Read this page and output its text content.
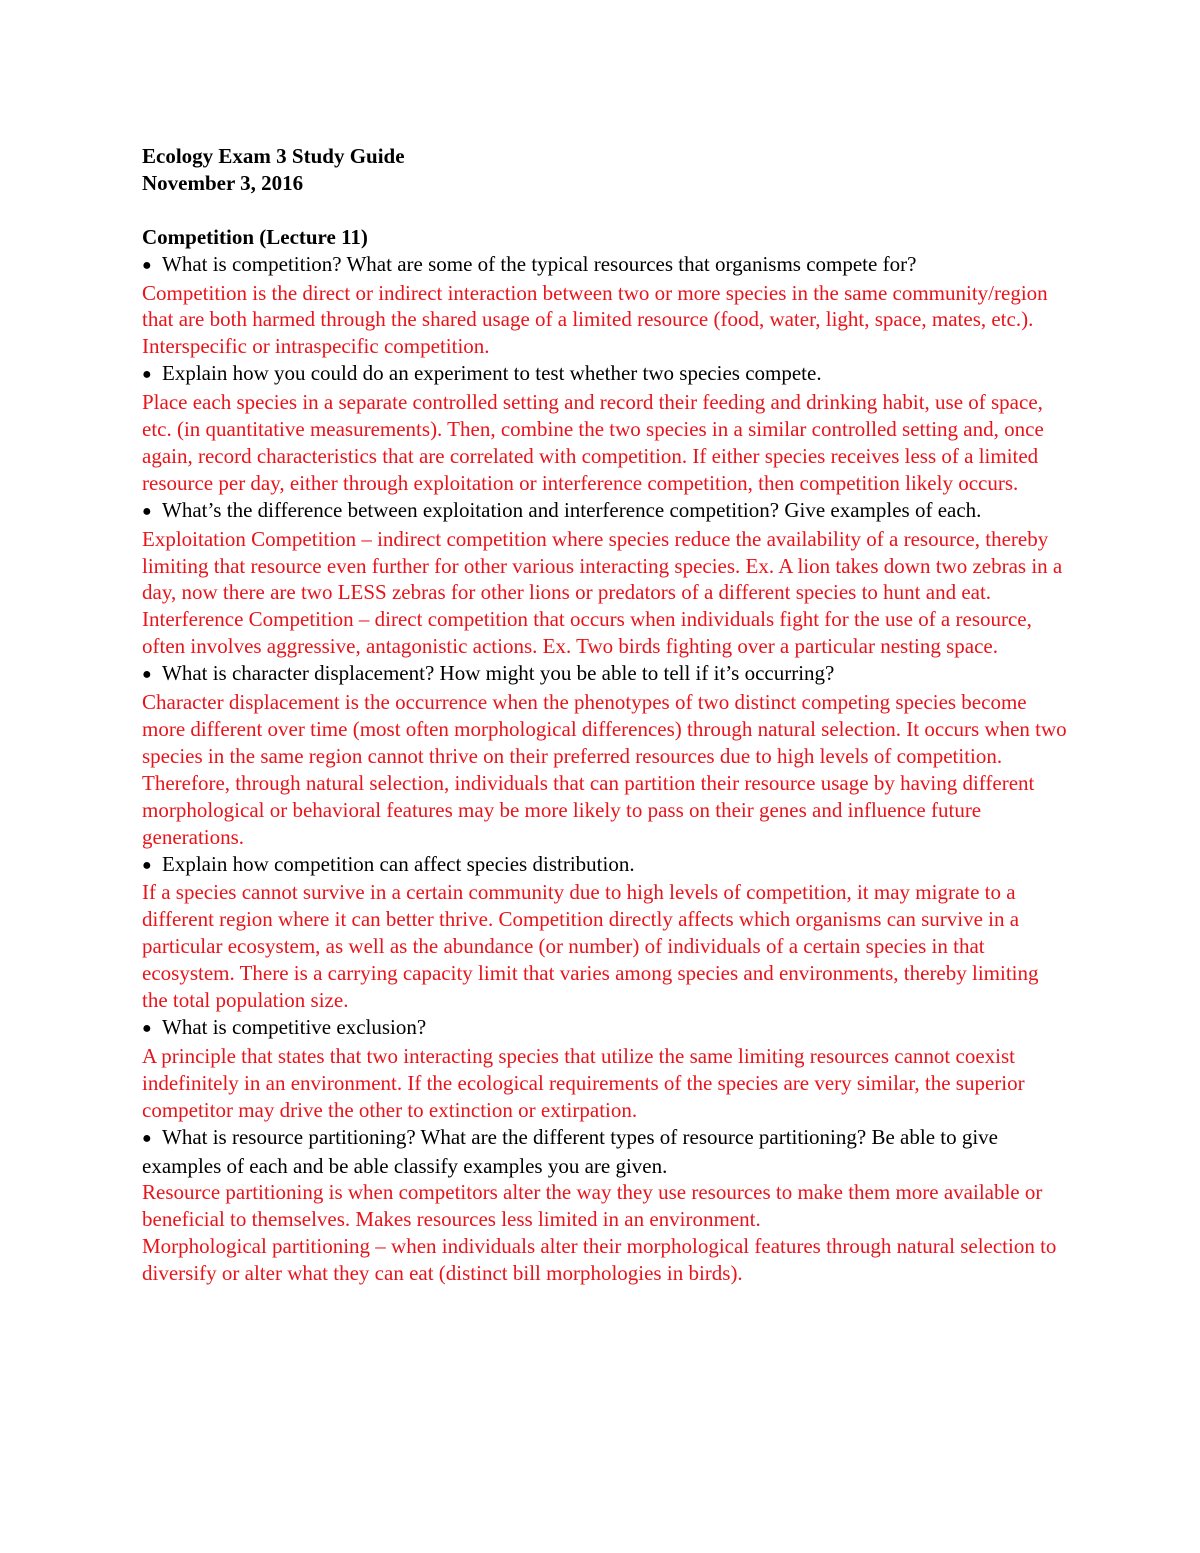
Ecology Exam 3 Study Guide

November 3, 2016

Competition (Lecture 11)

● What is competition? What are some of the typical resources that organisms compete for?

Competition is the direct or indirect interaction between two or more species in the same community/region that are both harmed through the shared usage of a limited resource (food, water, light, space, mates, etc.). Interspecific or intraspecific competition.

● Explain how you could do an experiment to test whether two species compete.

Place each species in a separate controlled setting and record their feeding and drinking habit, use of space, etc. (in quantitative measurements). Then, combine the two species in a similar controlled setting and, once again, record characteristics that are correlated with competition. If either species receives less of a limited resource per day, either through exploitation or interference competition, then competition likely occurs.

● What’s the difference between exploitation and interference competition? Give examples of each.

Exploitation Competition – indirect competition where species reduce the availability of a resource, thereby limiting that resource even further for other various interacting species. Ex. A lion takes down two zebras in a day, now there are two LESS zebras for other lions or predators of a different species to hunt and eat.

Interference Competition – direct competition that occurs when individuals fight for the use of a resource, often involves aggressive, antagonistic actions. Ex. Two birds fighting over a particular nesting space.

● What is character displacement? How might you be able to tell if it’s occurring?

Character displacement is the occurrence when the phenotypes of two distinct competing species become more different over time (most often morphological differences) through natural selection. It occurs when two species in the same region cannot thrive on their preferred resources due to high levels of competition. Therefore, through natural selection, individuals that can partition their resource usage by having different morphological or behavioral features may be more likely to pass on their genes and influence future generations.

● Explain how competition can affect species distribution.

If a species cannot survive in a certain community due to high levels of competition, it may migrate to a different region where it can better thrive. Competition directly affects which organisms can survive in a particular ecosystem, as well as the abundance (or number) of individuals of a certain species in that ecosystem. There is a carrying capacity limit that varies among species and environments, thereby limiting the total population size.

● What is competitive exclusion?

A principle that states that two interacting species that utilize the same limiting resources cannot coexist indefinitely in an environment. If the ecological requirements of the species are very similar, the superior competitor may drive the other to extinction or extirpation.

● What is resource partitioning? What are the different types of resource partitioning? Be able to give examples of each and be able classify examples you are given.

Resource partitioning is when competitors alter the way they use resources to make them more available or beneficial to themselves. Makes resources less limited in an environment.

Morphological partitioning – when individuals alter their morphological features through natural selection to diversify or alter what they can eat (distinct bill morphologies in birds).
